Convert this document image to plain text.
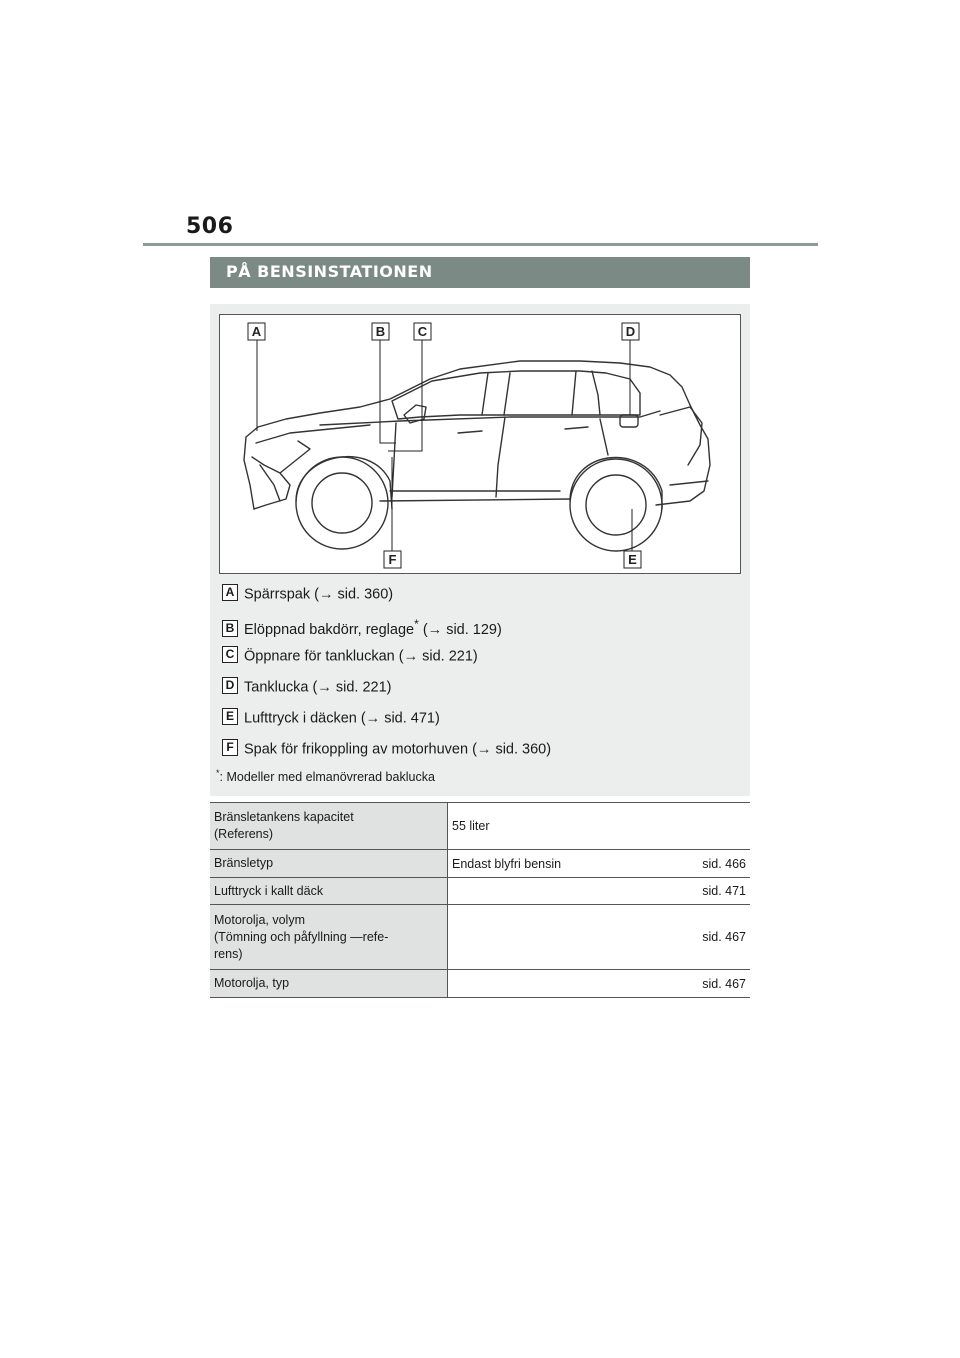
506
PÅ BENSINSTATIONEN
A	B	C	D
E
F
A Spärrspak (→ sid. 360)
B Elöppnad bakdörr, reglage* (→ sid. 129)
C Öppnare för tankluckan (→ sid. 221)
D Tanklucka (→ sid. 221)
E Lufttryck i däcken (→ sid. 471)
F Spak för frikoppling av motorhuven (→ sid. 360)
*: Modeller med elmanövrerad baklucka
Bränsletankens kapacitet
(Referens)	55 liter

Bränsletyp	Endast blyfri bensin sid. 466

Lufttryck i kallt däck	sid. 471

Motorolja, volym
(Tömning och påfyllning —refe-
rens)	sid. 467

Motorolja, typ	sid. 467
